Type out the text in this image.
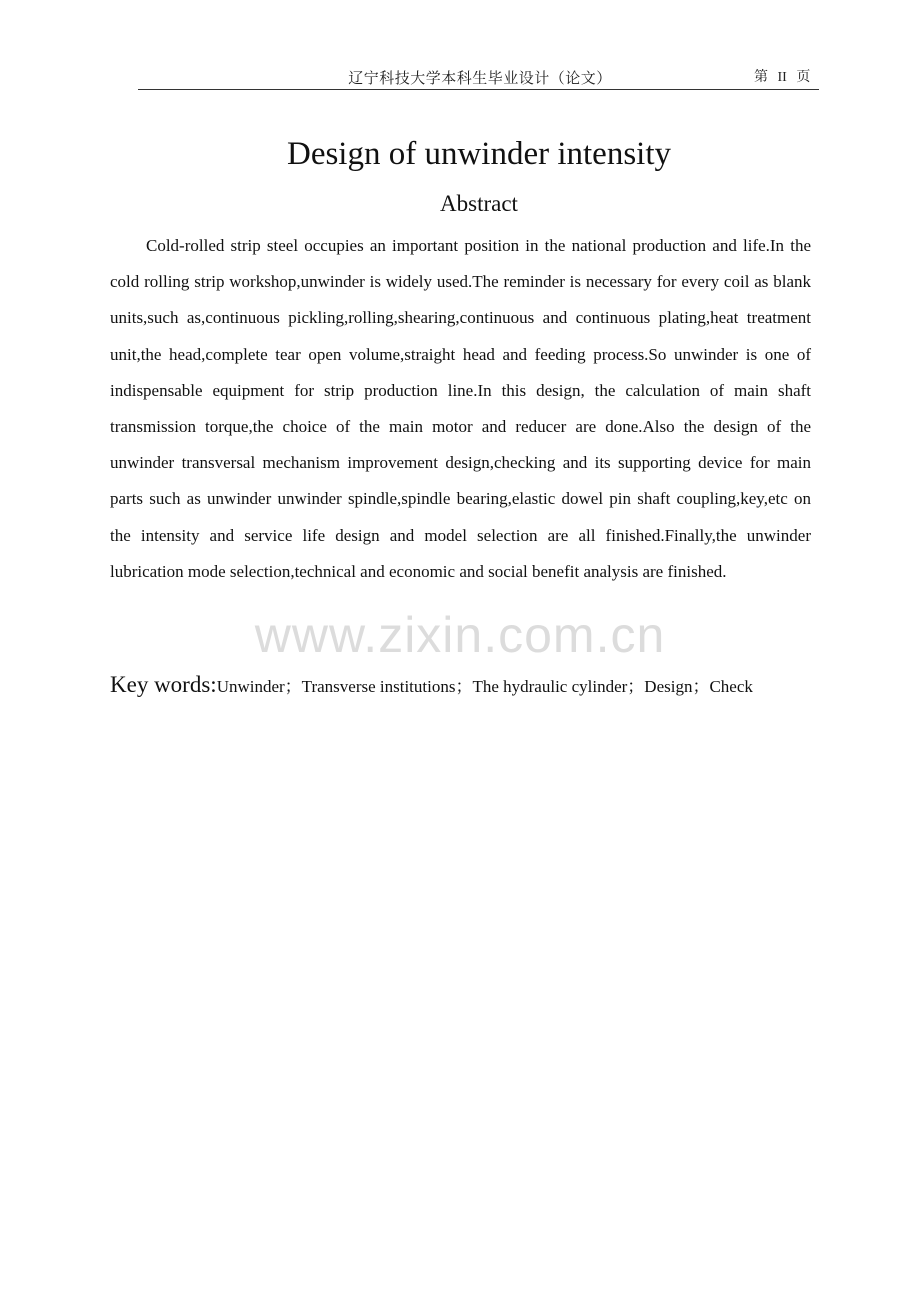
辽宁科技大学本科生毕业设计（论文）	第 II 页
Design of unwinder intensity
Abstract

Cold-rolled strip steel occupies an important position in the national production and life.In the cold rolling strip workshop,unwinder is widely used.The reminder is necessary for every coil as blank units,such as,continuous pickling,rolling,shearing,continuous and continuous plating,heat treatment unit,the head,complete tear open volume,straight head and feeding process.So unwinder is one of indispensable equipment for strip production line.In this design, the calculation of main shaft transmission torque,the choice of the main motor and reducer are done.Also the design of the unwinder transversal mechanism improvement design,checking and its supporting device for main parts such as unwinder unwinder spindle,spindle bearing,elastic dowel pin shaft coupling,key,etc on the intensity and service life design and model selection are all finished.Finally,the unwinder lubrication mode selection,technical and economic and social benefit analysis are finished.

www.zixin.com.cn
Key words:Unwinder；Transverse institutions；The hydraulic cylinder；Design；Check
